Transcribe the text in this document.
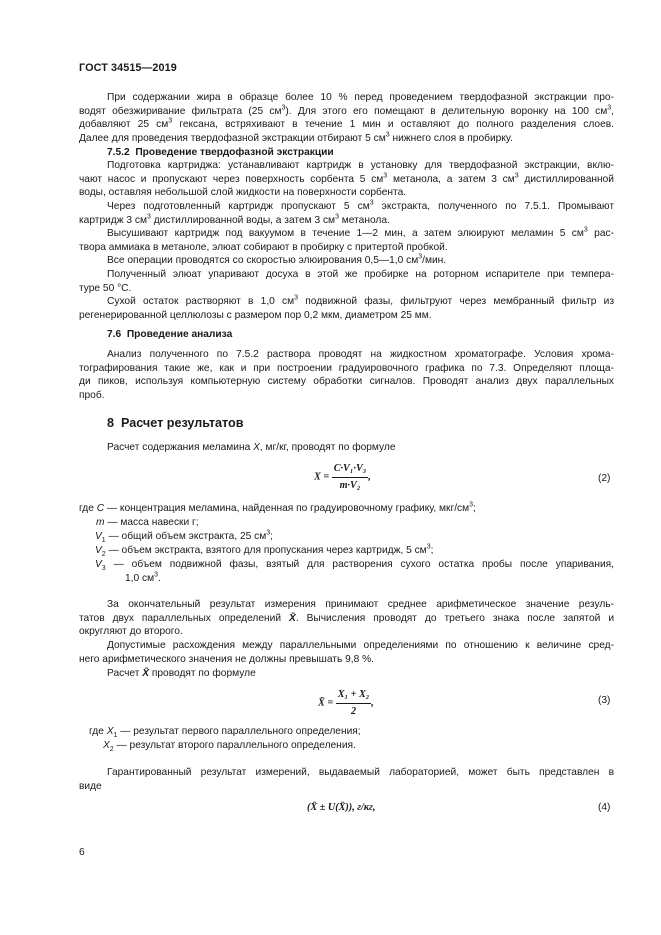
ГОСТ 34515—2019
При содержании жира в образце более 10 % перед проведением твердофазной экстракции про-
водят обезжиривание фильтрата (25 $см^3$). Для этого его помещают в делительную воронку на 100 $см^3$,
добавляют 25 $см^3$ гексана, встряхивают в течение 1 мин и оставляют до полного разделения слоев.
Далее для проведения твердофазной экстракции отбирают 5 $см^3$ нижнего слоя в пробирку.
7.5.2 Проведение твердофазной экстракции
Подготовка картриджа: устанавливают картридж в установку для твердофазной экстракции, вклю-
чают насос и пропускают через поверхность сорбента 5 $см^3$ метанола, а затем 3 $см^3$ дистиллированной
воды, оставляя небольшой слой жидкости на поверхности сорбента.
Через подготовленный картридж пропускают 5 $см^3$ экстракта, полученного по 7.5.1. Промывают
картридж 3 $см^3$ дистиллированной воды, а затем 3 $см^3$ метанола.
Высушивают картридж под вакуумом в течение 1—2 мин, а затем элюируют меламин 5 $см^3$ рас-
твора аммиака в метаноле, элюат собирают в пробирку с притертой пробкой.
Все операции проводятся со скоростью элюирования 0,5—1,0 $см^3$/мин.
Полученный элюат упаривают досуха в этой же пробирке на роторном испарителе при темпера-
туре 50 °С.
Сухой остаток растворяют в 1,0 $см^3$ подвижной фазы, фильтруют через мембранный фильтр из
регенерированной целлюлозы с размером пор 0,2 мкм, диаметром 25 мм.
7.6 Проведение анализа
Анализ полученного по 7.5.2 раствора проводят на жидкостном хроматографе. Условия хрома-
тографирования такие же, как и при построении градуировочного графика по 7.3. Определяют площа-
ди пиков, используя компьютерную систему обработки сигналов. Проводят анализ двух параллельных
проб.
8 Расчет результатов
Расчет содержания меламина X, мг/кг, проводят по формуле
$X = \frac{\text{C·V₁·V₃}}{\text{m·V₂}}$ ,	(2)
где C — концентрация меламина, найденная по градуировочному графику, мкг/$см^3$;
m — масса навески г;
$V_1$ — общий объем экстракта, 25 $см^3$;
$V_2$ — объем экстракта, взятого для пропускания через картридж, 5 $см^3$;
$V_3$ — объем подвижной фазы, взятый для растворения сухого остатка пробы после упаривания,
1,0 $см^3$.
За окончательный результат измерения принимают среднее арифметическое значение резуль-
татов двух параллельных определений X̄. Вычисления проводят до третьего знака после запятой и
округляют до второго.
Допустимые расхождения между параллельными определениями по отношению к величине сред-
него арифметического значения не должны превышать 9,8 %.
Расчет X̄ проводят по формуле
X̄ = $\frac{\text{X₁ + X₂}}{2}$ ,	(3)
где $X_1$ — результат первого параллельного определения;
$X_2$ — результат второго параллельного определения.
Гарантированный результат измерений, выдаваемый лабораторией, может быть представлен в
виде
(X̄ ± U(X̄)), г/кг,	(4)
6
